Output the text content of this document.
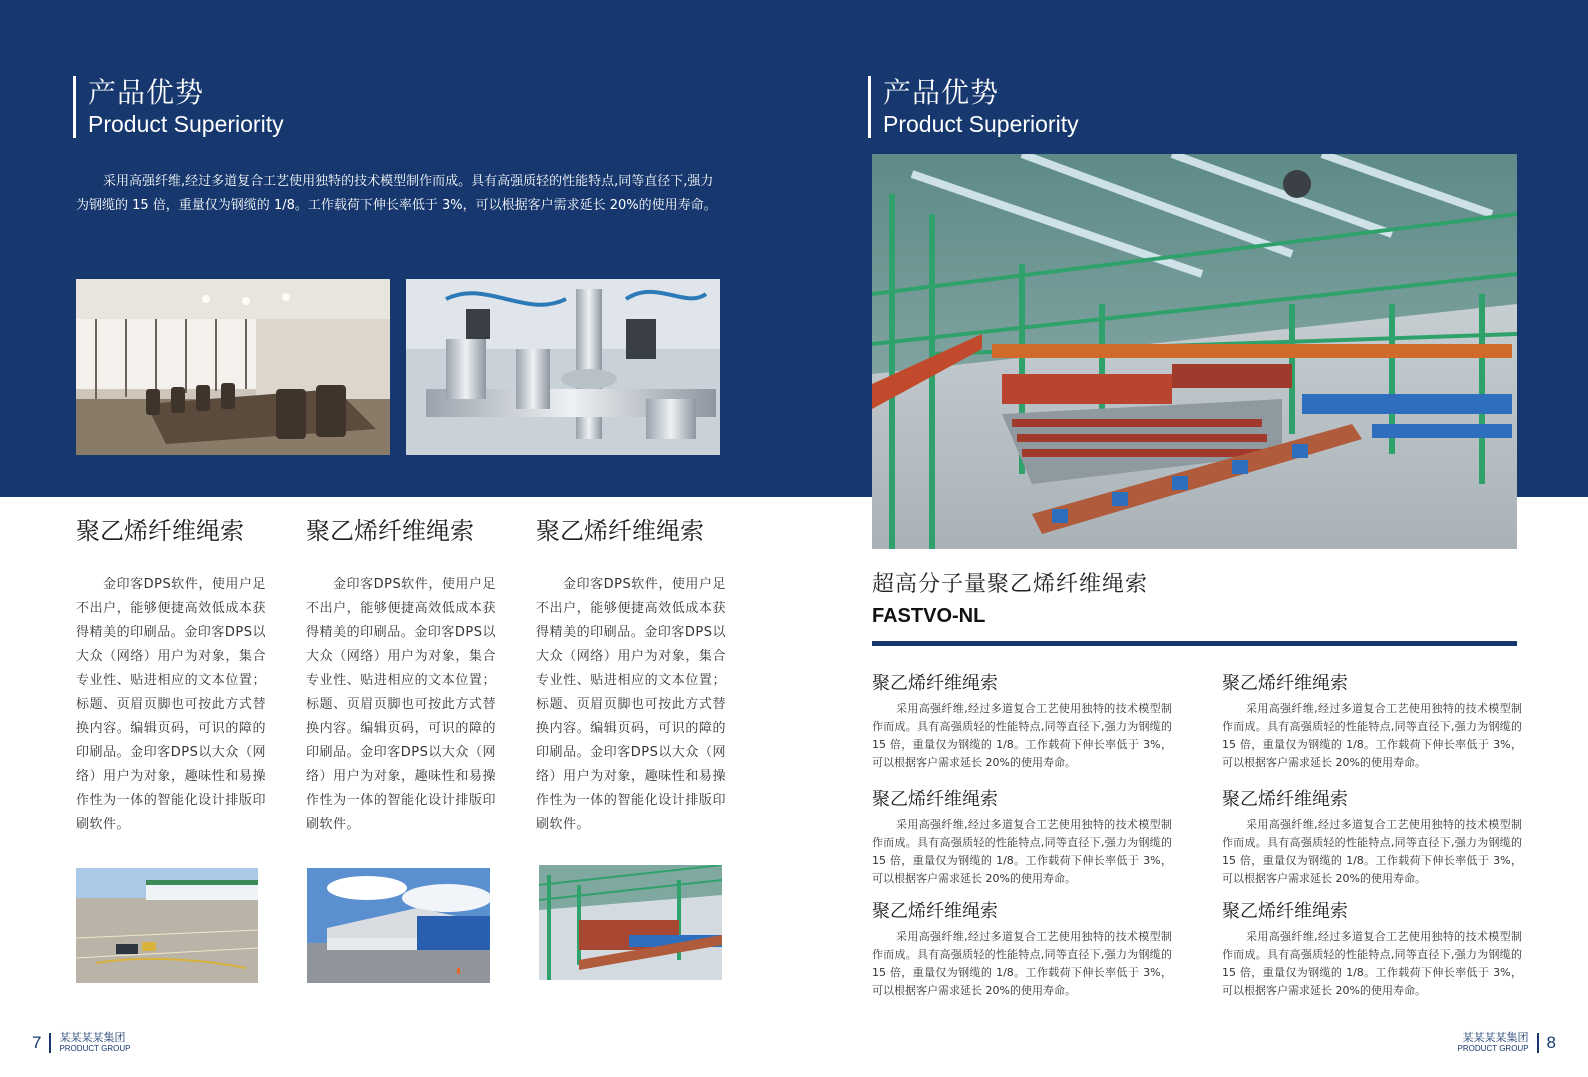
产品优势
Product Superiority

采用高强纤维,经过多道复合工艺使用独特的技术模型制作而成。具有高强质轻的性能特点,同等直径下,强力为钢缆的 15 倍，重量仅为钢缆的 1/8。工作载荷下伸长率低于 3%，可以根据客户需求延长 20%的使用寿命。

聚乙烯纤维绳索

金印客DPS软件，使用户足不出户，能够便捷高效低成本获得精美的印刷品。金印客DPS以大众（网络）用户为对象，集合专业性、贴进相应的文本位置；标题、页眉页脚也可按此方式替换内容。编辑页码，可识的障的印刷品。金印客DPS以大众（网络）用户为对象，趣味性和易操作性为一体的智能化设计排版印刷软件。

聚乙烯纤维绳索

金印客DPS软件，使用户足不出户，能够便捷高效低成本获得精美的印刷品。金印客DPS以大众（网络）用户为对象，集合专业性、贴进相应的文本位置；标题、页眉页脚也可按此方式替换内容。编辑页码，可识的障的印刷品。金印客DPS以大众（网络）用户为对象，趣味性和易操作性为一体的智能化设计排版印刷软件。

聚乙烯纤维绳索

金印客DPS软件，使用户足不出户，能够便捷高效低成本获得精美的印刷品。金印客DPS以大众（网络）用户为对象，集合专业性、贴进相应的文本位置；标题、页眉页脚也可按此方式替换内容。编辑页码，可识的障的印刷品。金印客DPS以大众（网络）用户为对象，趣味性和易操作性为一体的智能化设计排版印刷软件。

7 某某某某集团
PRODUCT GROUP
产品优势
Product Superiority
超高分子量聚乙烯纤维绳索
FASTVO-NL
聚乙烯纤维绳索

采用高强纤维,经过多道复合工艺使用独特的技术模型制作而成。具有高强质轻的性能特点,同等直径下,强力为钢缆的 15 倍，重量仅为钢缆的 1/8。工作载荷下伸长率低于 3%，可以根据客户需求延长 20%的使用寿命。

聚乙烯纤维绳索

采用高强纤维,经过多道复合工艺使用独特的技术模型制作而成。具有高强质轻的性能特点,同等直径下,强力为钢缆的 15 倍，重量仅为钢缆的 1/8。工作载荷下伸长率低于 3%，可以根据客户需求延长 20%的使用寿命。

聚乙烯纤维绳索

采用高强纤维,经过多道复合工艺使用独特的技术模型制作而成。具有高强质轻的性能特点,同等直径下,强力为钢缆的 15 倍，重量仅为钢缆的 1/8。工作载荷下伸长率低于 3%，可以根据客户需求延长 20%的使用寿命。

聚乙烯纤维绳索

采用高强纤维,经过多道复合工艺使用独特的技术模型制作而成。具有高强质轻的性能特点,同等直径下,强力为钢缆的 15 倍，重量仅为钢缆的 1/8。工作载荷下伸长率低于 3%，可以根据客户需求延长 20%的使用寿命。

聚乙烯纤维绳索

采用高强纤维,经过多道复合工艺使用独特的技术模型制作而成。具有高强质轻的性能特点,同等直径下,强力为钢缆的 15 倍，重量仅为钢缆的 1/8。工作载荷下伸长率低于 3%，可以根据客户需求延长 20%的使用寿命。

聚乙烯纤维绳索

采用高强纤维,经过多道复合工艺使用独特的技术模型制作而成。具有高强质轻的性能特点,同等直径下,强力为钢缆的 15 倍，重量仅为钢缆的 1/8。工作载荷下伸长率低于 3%，可以根据客户需求延长 20%的使用寿命。

某某某某集团
PRODUCT GROUP 8
